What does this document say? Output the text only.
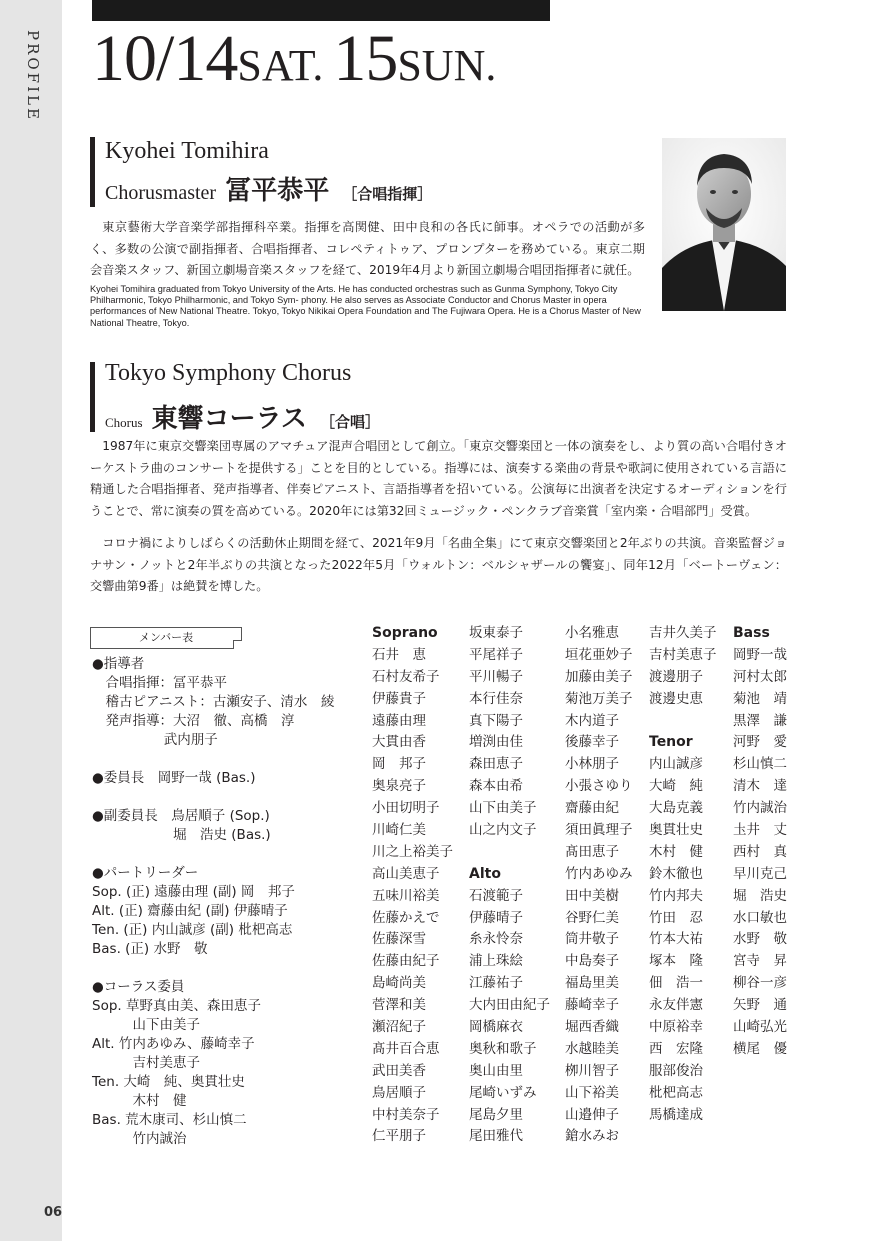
PROFILE
06
10/14SAT. 15SUN.
Kyohei Tomihira
Chorusmaster 冨平恭平 ［合唱指揮］
東京藝術大学音楽学部指揮科卒業。指揮を高関健、田中良和の各氏に師事。オペラでの活動が多く、多数の公演で副指揮者、合唱指揮者、コレペティトゥア、プロンプターを務めている。東京二期会音楽スタッフ、新国立劇場音楽スタッフを経て、2019年4月より新国立劇場合唱団指揮者に就任。
Kyohei Tomihira graduated from Tokyo University of the Arts. He has conducted orchestras such as Gunma Symphony, Tokyo City Philharmonic, Tokyo Philharmonic, and Tokyo Sym- phony. He also serves as Associate Conductor and Chorus Master in opera performances of New National Theatre. Tokyo, Tokyo Nikikai Opera Foundation and The Fujiwara Opera. He is a Chorus Master of New National Theatre, Tokyo.
Tokyo Symphony Chorus
Chorus 東響コーラス ［合唱］
1987年に東京交響楽団専属のアマチュア混声合唱団として創立。「東京交響楽団と一体の演奏をし、より質の高い合唱付きオーケストラ曲のコンサートを提供する」ことを目的としている。指導には、演奏する楽曲の背景や歌詞に使用されている言語に精通した合唱指揮者、発声指導者、伴奏ピアニスト、言語指導者を招いている。公演毎に出演者を決定するオーディションを行うことで、常に演奏の質を高めている。2020年には第32回ミュージック・ペンクラブ音楽賞「室内楽・合唱部門」受賞。
コロナ禍によりしばらくの活動休止期間を経て、2021年9月「名曲全集」にて東京交響楽団と2年ぶりの共演。音楽監督ジョナサン・ノットと2年半ぶりの共演となった2022年5月「ウォルトン：ベルシャザールの饗宴」、同年12月「ベートーヴェン：交響曲第9番」は絶賛を博した。
メンバー表
●指導者
　合唱指揮：冨平恭平
　稽古ピアニスト：古瀬安子、清水　綾
　発声指導：大沼　徹、高橋　淳
　　　　　 武内朋子
●委員長　岡野一哉 (Bas.)
●副委員長　鳥居順子 (Sop.)
　　　　　　堀　浩史 (Bas.)
●パートリーダー
Sop. (正) 遠藤由理 (副) 岡　邦子
Alt. (正) 齋藤由紀 (副) 伊藤晴子
Ten. (正) 内山誠彦 (副) 枇杷高志
Bas. (正) 水野　敬
●コーラス委員
Sop. 草野真由美、森田恵子
　　　山下由美子
Alt. 竹内あゆみ、藤崎幸子
　　　吉村美恵子
Ten. 大崎　純、奥貫壮史
　　　木村　健
Bas. 荒木康司、杉山慎二
　　　竹内誠治
Soprano
石井　恵
石村友希子
伊藤貴子
遠藤由理
大貫由香
岡　邦子
奥泉亮子
小田切明子
川崎仁美
川之上裕美子
高山美恵子
五味川裕美
佐藤かえで
佐藤深雪
佐藤由紀子
島崎尚美
菅澤和美
瀬沼紀子
髙井百合恵
武田美香
鳥居順子
中村美奈子
仁平朋子
坂東泰子
平尾祥子
平川暢子
本行佳奈
真下陽子
増渕由佳
森田恵子
森本由希
山下由美子
山之内文子
Alto
石渡範子
伊藤晴子
糸永怜奈
浦上珠絵
江藤祐子
大内田由紀子
岡橋麻衣
奥秋和歌子
奥山由里
尾崎いずみ
尾島夕里
尾田雅代
小名雅恵
垣花亜妙子
加藤由美子
菊池万美子
木内道子
後藤幸子
小林朋子
小張さゆり
齋藤由紀
須田眞理子
髙田恵子
竹内あゆみ
田中美樹
谷野仁美
筒井敬子
中島奏子
福島里美
藤崎幸子
堀西香織
水越睦美
栁川智子
山下裕美
山邉伸子
鎗水みお
吉井久美子
吉村美恵子
渡邊朋子
渡邊史恵
Tenor
内山誠彦
大崎　純
大島克義
奥貫壮史
木村　健
鈴木徹也
竹内邦夫
竹田　忍
竹本大祐
塚本　隆
佃　浩一
永友伴憲
中原裕幸
西　宏隆
服部俊治
枇杷高志
馬橋達成
Bass
岡野一哉
河村太郎
菊池　靖
黒澤　謙
河野　愛
杉山慎二
清木　達
竹内誠治
圡井　丈
西村　真
早川克己
堀　浩史
水口敏也
水野　敬
宮寺　昇
柳谷一彦
矢野　通
山崎弘光
横尾　優
